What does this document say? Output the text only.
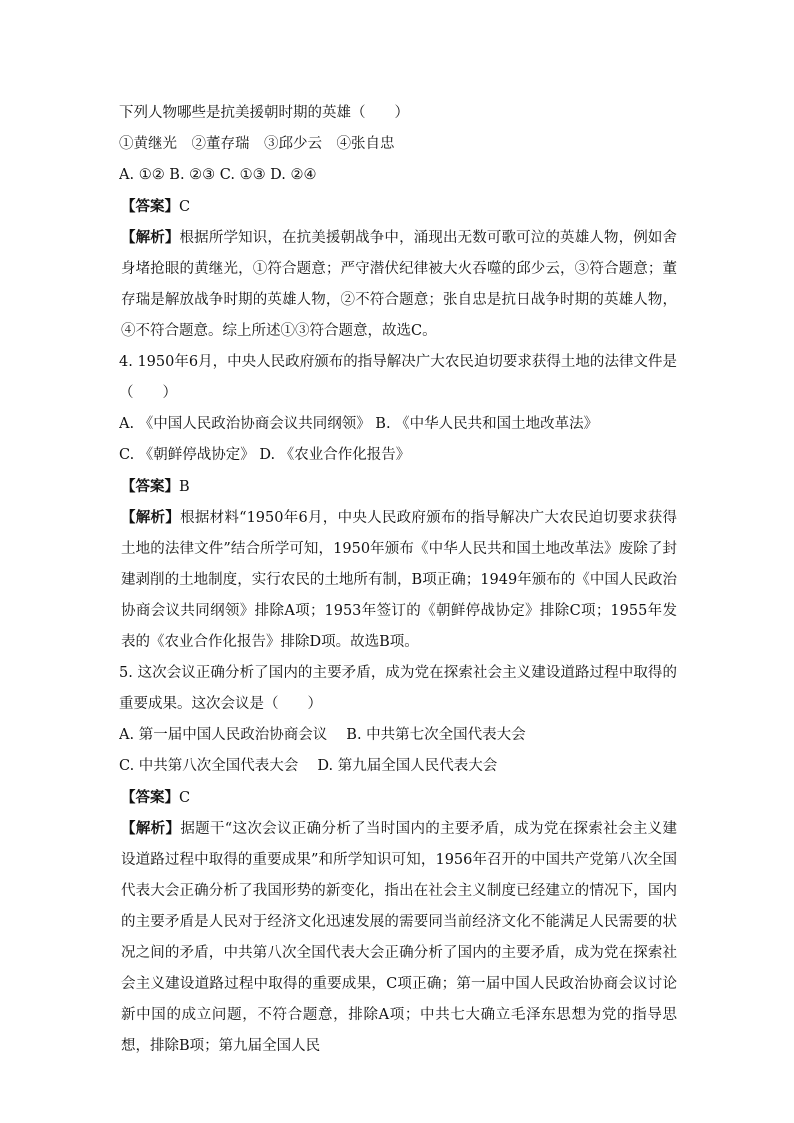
下列人物哪些是抗美援朝时期的英雄（　　）
①黄继光　②董存瑞　③邱少云　④张自忠
A. ①② B. ②③ C. ①③ D. ②④
【答案】C
【解析】根据所学知识，在抗美援朝战争中，涌现出无数可歌可泣的英雄人物，例如舍身堵抢眼的黄继光，①符合题意；严守潜伏纪律被大火吞噬的邱少云，③符合题意；董存瑞是解放战争时期的英雄人物，②不符合题意；张自忠是抗日战争时期的英雄人物，④不符合题意。综上所述①③符合题意，故选C。
4. 1950年6月，中央人民政府颁布的指导解决广大农民迫切要求获得土地的法律文件是（　　）
A. 《中国人民政治协商会议共同纲领》 B. 《中华人民共和国土地改革法》
C. 《朝鲜停战协定》 D. 《农业合作化报告》
【答案】B
【解析】根据材料“1950年6月，中央人民政府颁布的指导解决广大农民迫切要求获得土地的法律文件”结合所学可知，1950年颁布《中华人民共和国土地改革法》废除了封建剥削的土地制度，实行农民的土地所有制，B项正确；1949年颁布的《中国人民政治协商会议共同纲领》排除A项；1953年签订的《朝鲜停战协定》排除C项；1955年发表的《农业合作化报告》排除D项。故选B项。
5. 这次会议正确分析了国内的主要矛盾，成为党在探索社会主义建设道路过程中取得的重要成果。这次会议是（　　）
A. 第一届中国人民政治协商会议　 B. 中共第七次全国代表大会
C. 中共第八次全国代表大会　 D. 第九届全国人民代表大会
【答案】C
【解析】据题干“这次会议正确分析了当时国内的主要矛盾，成为党在探索社会主义建设道路过程中取得的重要成果”和所学知识可知，1956年召开的中国共产党第八次全国代表大会正确分析了我国形势的新变化，指出在社会主义制度已经建立的情况下，国内的主要矛盾是人民对于经济文化迅速发展的需要同当前经济文化不能满足人民需要的状况之间的矛盾，中共第八次全国代表大会正确分析了国内的主要矛盾，成为党在探索社会主义建设道路过程中取得的重要成果，C项正确；第一届中国人民政治协商会议讨论新中国的成立问题，不符合题意，排除A项；中共七大确立毛泽东思想为党的指导思想，排除B项；第九届全国人民
